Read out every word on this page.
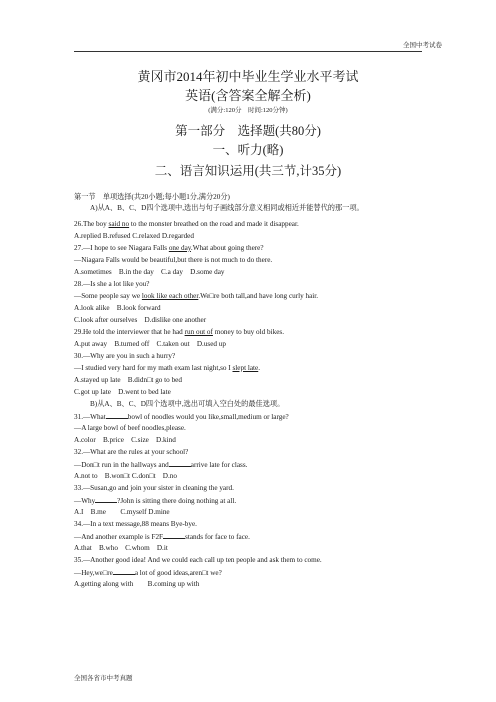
全国中考试卷
黄冈市2014年初中毕业生学业水平考试
英语(含答案全解全析)
(满分:120分　时间:120分钟)
第一部分　选择题(共80分)
一、听力(略)
二、语言知识运用(共三节,计35分)
第一节　单项选择(共20小题;每小题1分,满分20分)
A)从A、B、C、D四个选项中,选出与句子画线部分意义相同或相近并能替代的那一项。
26.The boy said no to the monster breathed on the road and made it disappear.
A.replied B.refused C.relaxed D.regarded
27.—I hope to see Niagara Falls one day.What about going there?
—Niagara Falls would be beautiful,but there is not much to do there.
A.sometimes　B.in the day　C.a day　D.some day
28.—Is she a lot like you?
—Some people say we look like each other.We□re both tall,and have long curly hair.
A.look alike　B.look forward
C.look after ourselves　D.dislike one another
29.He told the interviewer that he had run out of money to buy old bikes.
A.put away　B.turned off　C.taken out　D.used up
30.—Why are you in such a hurry?
—I studied very hard for my math exam last night,so I slept late.
A.stayed up late　B.didn□t go to bed
C.got up late　D.went to bed late
B)从A、B、C、D四个选项中,选出可填入空白处的最佳选项。
31.—What	bowl of noodles would you like,small,medium or large?
—A large bowl of beef noodles,please.
A.color　B.price　C.size　D.kind
32.—What are the rules at your school?
—Don□t run in the hallways and	arrive late for class.
A.not to　B.won□t C.don□t　D.no
33.—Susan,go and join your sister in cleaning the yard.
—Why	?John is sitting there doing nothing at all.
A.I　B.me　　C.myself D.mine
34.—In a text message,88 means Bye-bye.
—And another example is F2F	stands for face to face.
A.that　B.who　C.whom　D.it
35.—Another good idea! And we could each call up ten people and ask them to come.
—Hey,we□re	a lot of good ideas,aren□t we?
A.getting along with　　B.coming up with
全国各省市中考真题
